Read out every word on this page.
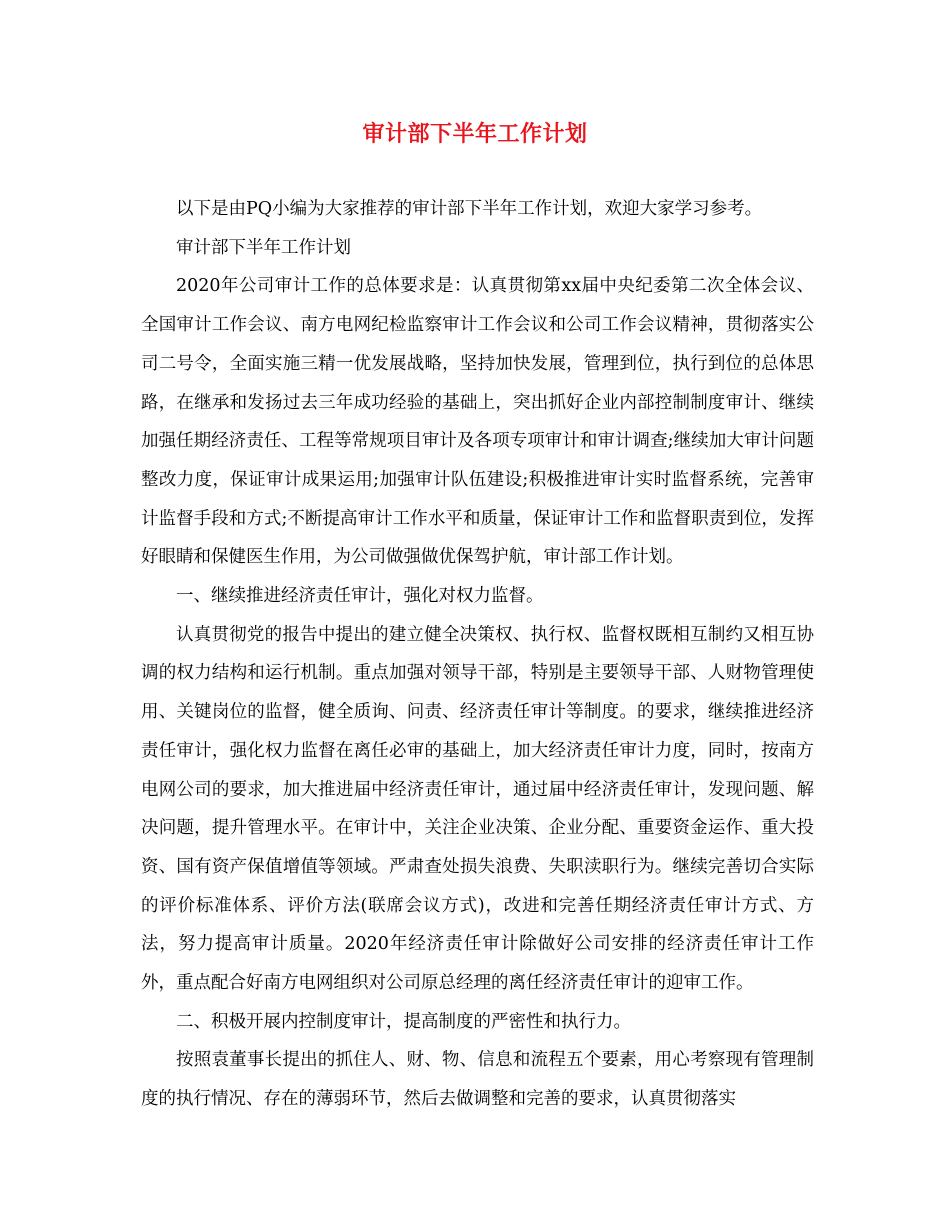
审计部下半年工作计划

以下是由PQ小编为大家推荐的审计部下半年工作计划，欢迎大家学习参考。

审计部下半年工作计划

2020年公司审计工作的总体要求是：认真贯彻第xx届中央纪委第二次全体会议、全国审计工作会议、南方电网纪检监察审计工作会议和公司工作会议精神，贯彻落实公司二号令，全面实施三精一优发展战略，坚持加快发展，管理到位，执行到位的总体思路，在继承和发扬过去三年成功经验的基础上，突出抓好企业内部控制制度审计、继续加强任期经济责任、工程等常规项目审计及各项专项审计和审计调查;继续加大审计问题整改力度，保证审计成果运用;加强审计队伍建设;积极推进审计实时监督系统，完善审计监督手段和方式;不断提高审计工作水平和质量，保证审计工作和监督职责到位，发挥好眼睛和保健医生作用，为公司做强做优保驾护航，审计部工作计划。

一、继续推进经济责任审计，强化对权力监督。

认真贯彻党的报告中提出的建立健全决策权、执行权、监督权既相互制约又相互协调的权力结构和运行机制。重点加强对领导干部，特别是主要领导干部、人财物管理使用、关键岗位的监督，健全质询、问责、经济责任审计等制度。的要求，继续推进经济责任审计，强化权力监督在离任必审的基础上，加大经济责任审计力度，同时，按南方电网公司的要求，加大推进届中经济责任审计，通过届中经济责任审计，发现问题、解决问题，提升管理水平。在审计中，关注企业决策、企业分配、重要资金运作、重大投资、国有资产保值增值等领域。严肃查处损失浪费、失职渎职行为。继续完善切合实际的评价标准体系、评价方法(联席会议方式)，改进和完善任期经济责任审计方式、方法，努力提高审计质量。2020年经济责任审计除做好公司安排的经济责任审计工作外，重点配合好南方电网组织对公司原总经理的离任经济责任审计的迎审工作。

二、积极开展内控制度审计，提高制度的严密性和执行力。

按照袁董事长提出的抓住人、财、物、信息和流程五个要素，用心考察现有管理制度的执行情况、存在的薄弱环节，然后去做调整和完善的要求，认真贯彻落实
